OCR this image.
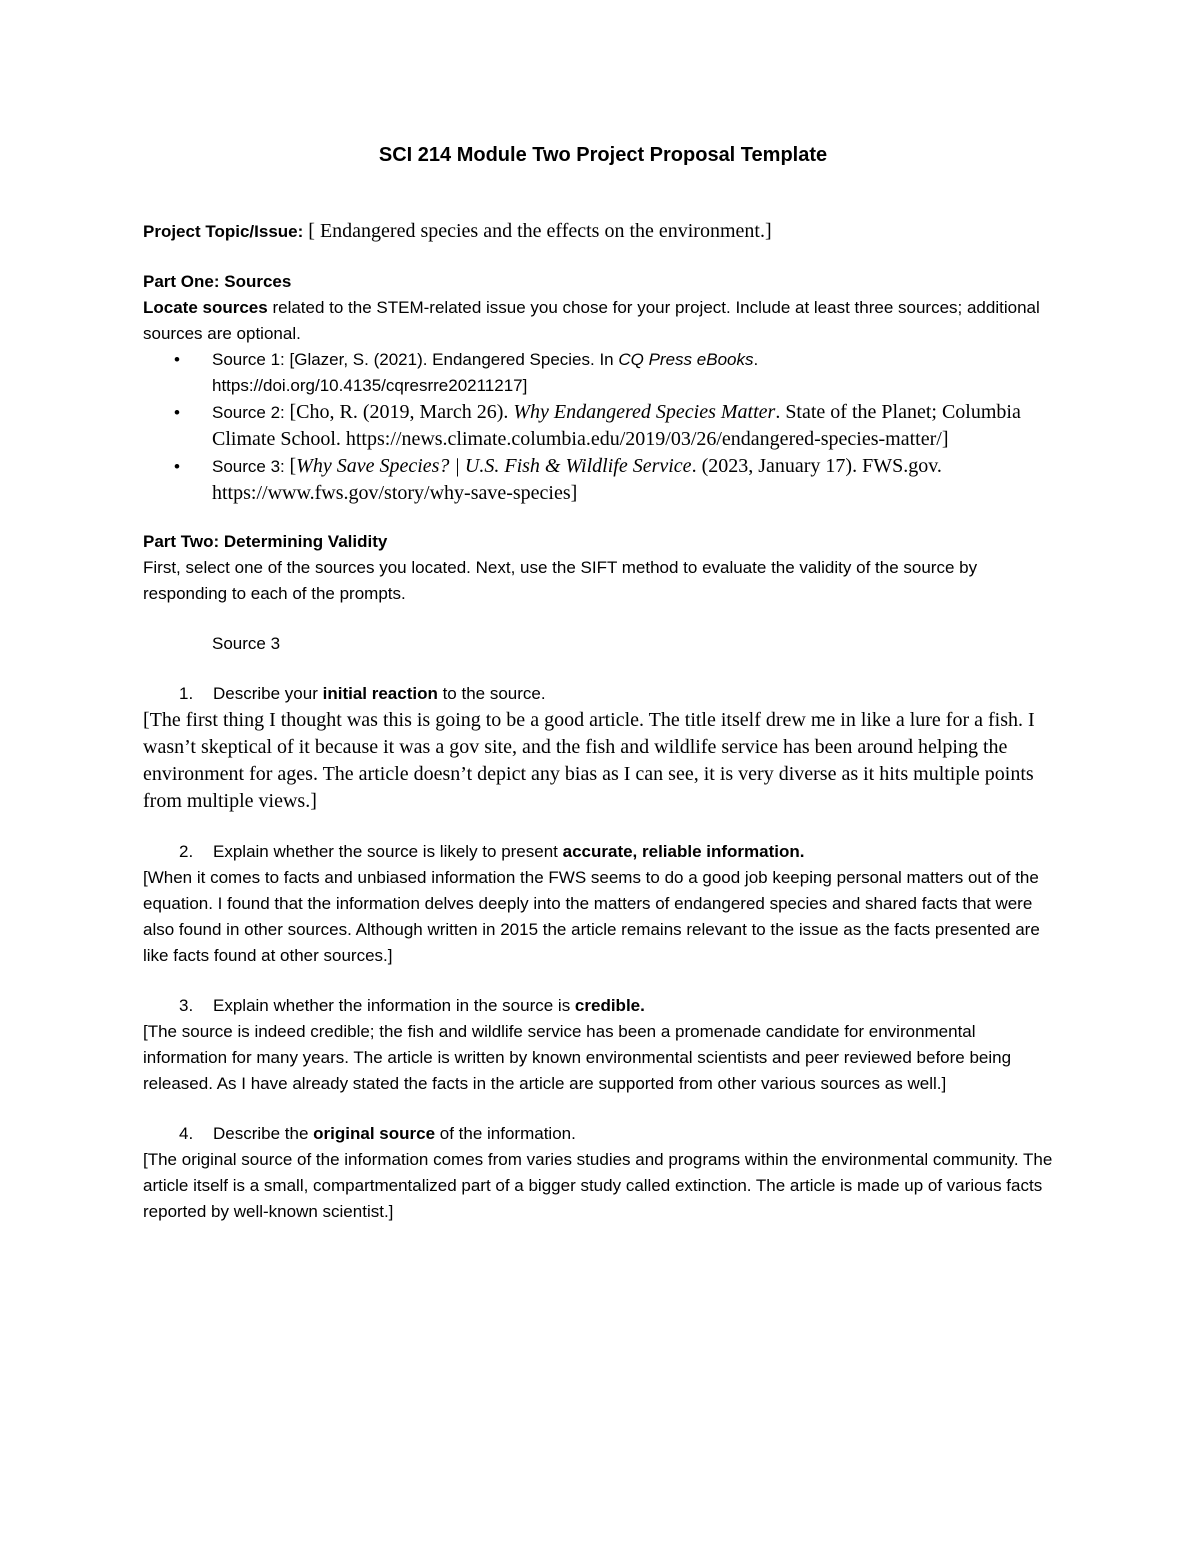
SCI 214 Module Two Project Proposal Template

Project Topic/Issue: [ Endangered species and the effects on the environment.]

Part One: Sources

Locate sources related to the STEM-related issue you chose for your project. Include at least three sources; additional sources are optional.

• Source 1: [Glazer, S. (2021). Endangered Species. In CQ Press eBooks. https://doi.org/10.4135/cqresrre20211217]
• Source 2: [Cho, R. (2019, March 26). Why Endangered Species Matter. State of the Planet; Columbia Climate School. https://news.climate.columbia.edu/2019/03/26/endangered-species-matter/]
• Source 3: [Why Save Species? | U.S. Fish & Wildlife Service. (2023, January 17). FWS.gov. https://www.fws.gov/story/why-save-species]

Part Two: Determining Validity

First, select one of the sources you located. Next, use the SIFT method to evaluate the validity of the source by responding to each of the prompts.

Source 3

1. Describe your initial reaction to the source.

[The first thing I thought was this is going to be a good article. The title itself drew me in like a lure for a fish. I wasn’t skeptical of it because it was a gov site, and the fish and wildlife service has been around helping the environment for ages. The article doesn’t depict any bias as I can see, it is very diverse as it hits multiple points from multiple views.]

2. Explain whether the source is likely to present accurate, reliable information.

[When it comes to facts and unbiased information the FWS seems to do a good job keeping personal matters out of the equation. I found that the information delves deeply into the matters of endangered species and shared facts that were also found in other sources. Although written in 2015 the article remains relevant to the issue as the facts presented are like facts found at other sources.]

3. Explain whether the information in the source is credible.

[The source is indeed credible; the fish and wildlife service has been a promenade candidate for environmental information for many years. The article is written by known environmental scientists and peer reviewed before being released. As I have already stated the facts in the article are supported from other various sources as well.]

4. Describe the original source of the information.

[The original source of the information comes from varies studies and programs within the environmental community. The article itself is a small, compartmentalized part of a bigger study called extinction. The article is made up of various facts reported by well-known scientist.]
